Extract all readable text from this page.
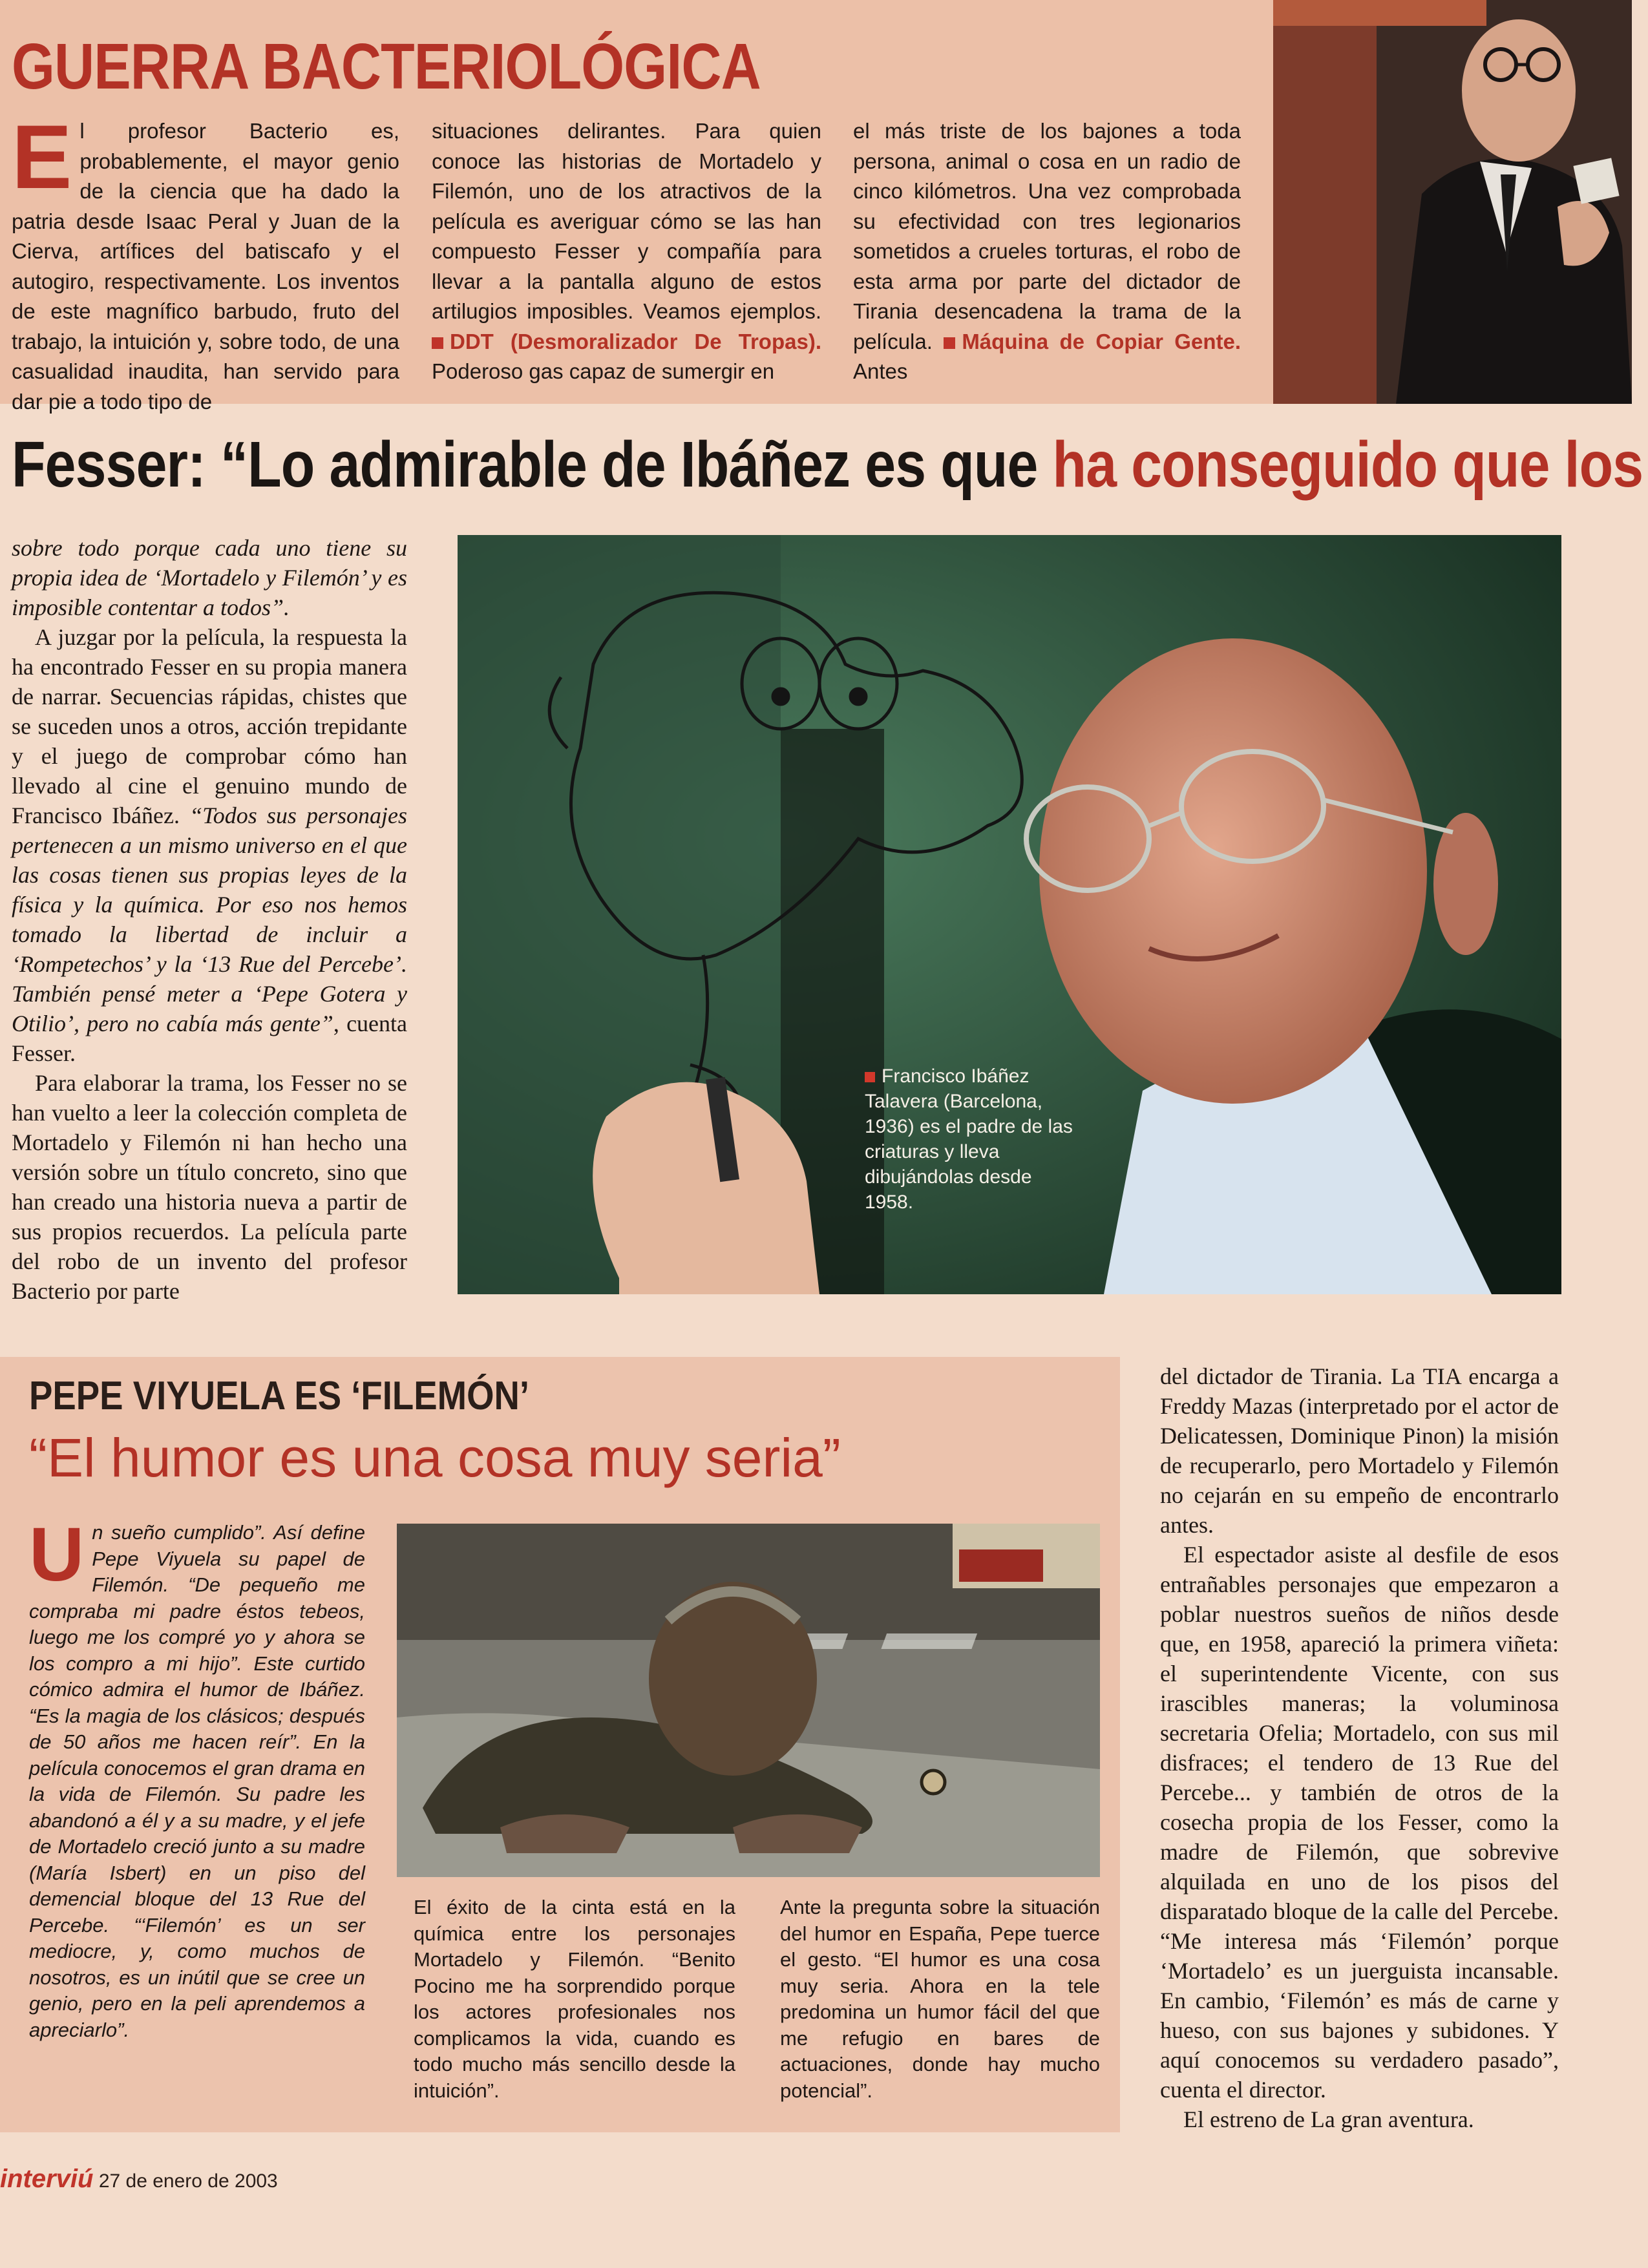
GUERRA BACTERIOLÓGICA
E l profesor Bacterio es, probablemente, el mayor genio de la ciencia que ha dado la patria desde Isaac Peral y Juan de la Cierva, artífices del batiscafo y el autogiro, respectivamente. Los inventos de este magnífico barbudo, fruto del trabajo, la intuición y, sobre todo, de una casualidad inaudita, han servido para dar pie a todo tipo de
situaciones delirantes. Para quien conoce las historias de Mortadelo y Filemón, uno de los atractivos de la película es averiguar cómo se las han compuesto Fesser y compañía para llevar a la pantalla alguno de estos artilugios imposibles. Veamos ejemplos. DDT (Desmoralizador De Tropas). Poderoso gas capaz de sumergir en
el más triste de los bajones a toda persona, animal o cosa en un radio de cinco kilómetros. Una vez comprobada su efectividad con tres legionarios sometidos a crueles torturas, el robo de esta arma por parte del dictador de Tirania desencadena la trama de la película. Máquina de Copiar Gente. Antes
Fesser: “Lo admirable de Ibáñez es que ha conseguido que los

sobre todo porque cada uno tiene su propia idea de ‘Mortadelo y Filemón’ y es imposible contentar a todos”.

A juzgar por la película, la respuesta la ha encontrado Fesser en su propia manera de narrar. Secuencias rápidas, chistes que se suceden unos a otros, acción trepidante y el juego de comprobar cómo han llevado al cine el genuino mundo de Francisco Ibáñez. “Todos sus personajes pertenecen a un mismo universo en el que las cosas tienen sus propias leyes de la física y la química. Por eso nos hemos tomado la libertad de incluir a ‘Rompetechos’ y la ‘13 Rue del Percebe’. También pensé meter a ‘Pepe Gotera y Otilio’, pero no cabía más gente”, cuenta Fesser.

Para elaborar la trama, los Fesser no se han vuelto a leer la colección completa de Mortadelo y Filemón ni han hecho una versión sobre un título concreto, sino que han creado una historia nueva a partir de sus propios recuerdos. La película parte del robo de un invento del profesor Bacterio por parte

Francisco Ibáñez Talavera (Barcelona, 1936) es el padre de las criaturas y lleva dibujándolas desde 1958.
PEPE VIYUELA ES ‘FILEMÓN’
“El humor es una cosa muy seria”
U n sueño cumplido”. Así define Pepe Viyuela su papel de Filemón. “De pequeño me compraba mi padre éstos tebeos, luego me los compré yo y ahora se los compro a mi hijo”. Este curtido cómico admira el humor de Ibáñez. “Es la magia de los clásicos; después de 50 años me hacen reír”. En la película conocemos el gran drama en la vida de Filemón. Su padre les abandonó a él y a su madre, y el jefe de Mortadelo creció junto a su madre (María Isbert) en un piso del demencial bloque del 13 Rue del Percebe. “‘Filemón’ es un ser mediocre, y, como muchos de nosotros, es un inútil que se cree un genio, pero en la peli aprendemos a apreciarlo”.
El éxito de la cinta está en la química entre los personajes Mortadelo y Filemón. “Benito Pocino me ha sorprendido porque los actores profesionales nos complicamos la vida, cuando es todo mucho más sencillo desde la intuición”.
Ante la pregunta sobre la situación del humor en España, Pepe tuerce el gesto. “El humor es una cosa muy seria. Ahora en la tele predomina un humor fácil del que me refugio en bares de actuaciones, donde hay mucho potencial”.

del dictador de Tirania. La TIA encarga a Freddy Mazas (interpretado por el actor de Delicatessen, Dominique Pinon) la misión de recuperarlo, pero Mortadelo y Filemón no cejarán en su empeño de encontrarlo antes.

El espectador asiste al desfile de esos entrañables personajes que empezaron a poblar nuestros sueños de niños desde que, en 1958, apareció la primera viñeta: el superintendente Vicente, con sus irascibles maneras; la voluminosa secretaria Ofelia; Mortadelo, con sus mil disfraces; el tendero de 13 Rue del Percebe... y también de otros de la cosecha propia de los Fesser, como la madre de Filemón, que sobrevive alquilada en uno de los pisos del disparatado bloque de la calle del Percebe. “Me interesa más ‘Filemón’ porque ‘Mortadelo’ es un juerguista incansable. En cambio, ‘Filemón’ es más de carne y hueso, con sus bajones y subidones. Y aquí conocemos su verdadero pasado”, cuenta el director.

El estreno de La gran aventura.

interviú 27 de enero de 2003
